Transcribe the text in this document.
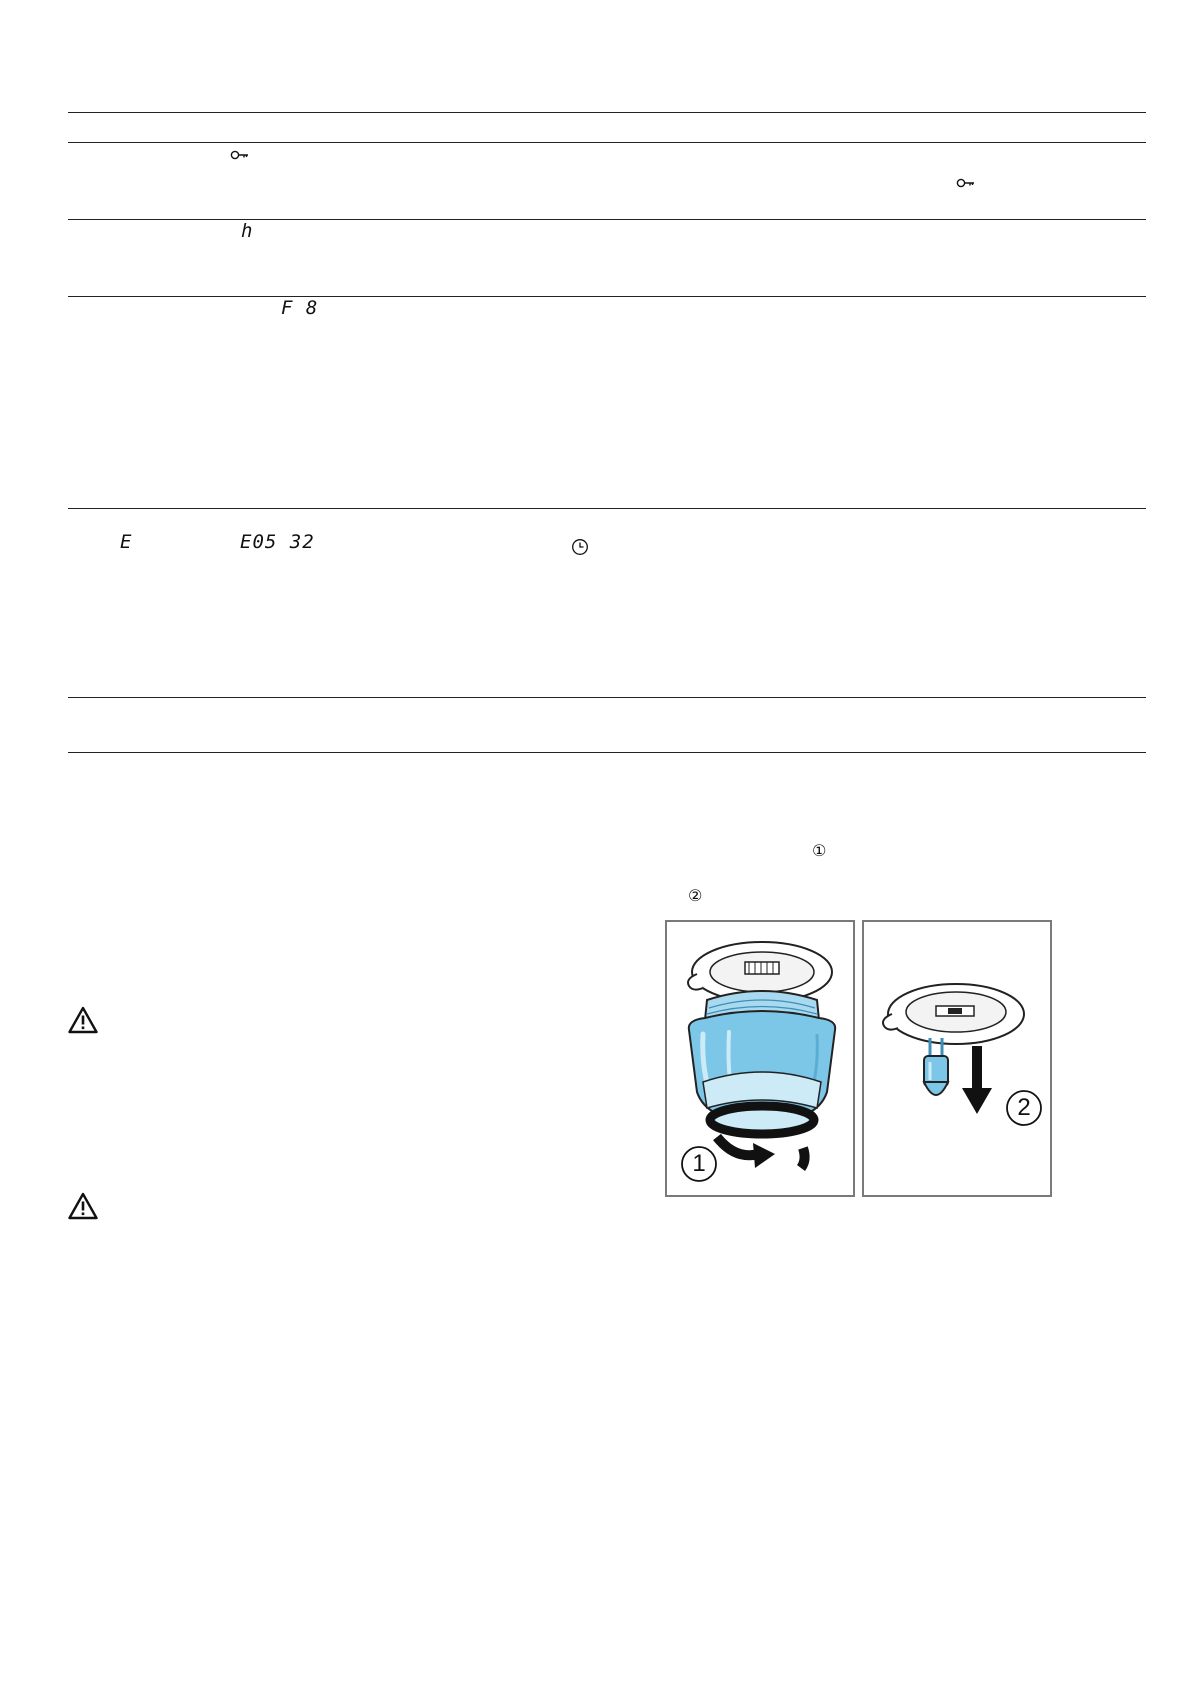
h
F 8
E	E05 32
①
②
1
2
